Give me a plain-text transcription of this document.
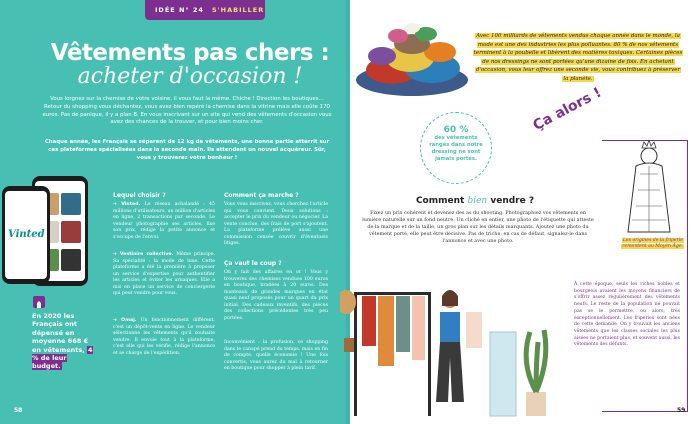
IDÉE N° 24	S'HABILLER
Vêtements pas chers :
acheter d'occasion !
Vous lorgnez sur la chemise de votre voisine, il vous faut la même. Chiche ! Direction les boutiques… Retour du shopping vous déchantez, vous avez bien repéré la chemise dans la vitrine mais elle coûte 170 euros. Pas de panique, il y a plan B. En vous inscrivant sur un site qui vend des vêtements d'occasion vous avez des chances de la trouver, et pour bien moins cher.
Chaque année, les Français se séparent de 12 kg de vêtements, une bonne partie atterrit sur ces plateformes spécialisées dans la seconde main. Ils attendent un nouvel acquéreur. Sûr, vous y trouverez votre bonheur !
Vinted
En 2020 les Français ont dépensé en moyenne 668 € en vêtements, 4 % de leur budget.
Lequel choisir ?
➜ Vinted. Le réseau achalandé : 45 millions d'utilisateurs, un million d'articles en ligne, 2 transactions par seconde. Le vendeur photographie ses articles, fixe son prix, rédige la petite annonce et s'occupe de l'envoi.
➜ Vestiaire collective. Même principe. Sa spécialité : la mode de luxe. Cette plateforme a été la première à proposer un service d'expertise pour authentifier les articles et éviter les arnaques. Elle a mis en place un service de conciergerie qui peut vendre pour vous.
➜ Omaj. Un fonctionnement différent, c'est un dépôt-vente en ligne. Le vendeur sélectionne les vêtements qu'il souhaite vendre. Il envoie tout à la plateforme, c'est elle qui les vérifie, rédige l'annonce et se charge de l'expédition.
Comment ça marche ?
Vous vous inscrivez, vous cherchez l'article qui vous convient. Deux solutions : accepter le prix du vendeur ou négocier. La vente conclue, des frais de port s'ajoutent. La plateforme prélève aussi une commission censée couvrir d'éventuels litiges.
Ça vaut le coup ?
On y fait des affaires en or ! Vous y trouverez des chemises vendues 100 euros en boutique, bradées à 20 euros. Des manteaux de grandes marques en état quasi neuf proposés pour un quart du prix initial. Des cadeaux inventifs, des pièces des collections précédentes très peu portées.
Inconvénient : la profusion, ce shopping dans le canapé prend du temps, mais en fin de compte, quelle économie ! Une fois convertis, vous aurez du mal à retourner en boutique pour shopper à plein tarif.
58
Avec 100 milliards de vêtements vendus chaque année dans le monde, la mode est une des industries les plus polluantes. 80 % de nos vêtements terminent à la poubelle et libèrent des matières toxiques. Certaines pièces de nos dressings ne sont portées qu'une dizaine de fois. En achetant d'occasion, vous leur offrez une seconde vie, vous contribuez à préserver la planète.
60 %
des vêtements rangés dans notre dressing ne sont jamais portés.
Comment bien vendre ?
Fixez un prix cohérent et devenez des as du shooting. Photographiez vos vêtements en lumière naturelle sur un fond neutre. Un cliché en entier, une photo de l'étiquette qui atteste de la marque et de la taille, un gros plan sur les détails marquants. Ajoutez une photo du vêtement porté, elle peut être décisive. Pas de triche, en cas de défaut, signalez-le dans l'annonce et avec une photo.
Ça alors !
Les origines de la friperie remontent au Moyen-Âge.
À cette époque, seuls les riches nobles et bourgeois avaient les moyens financiers de s'offrir assez régulièrement des vêtements neufs. Le reste de la population ne pouvait pas se le permettre, ou alors, très exceptionnellement. Les friperies sont nées de cette demande. On y trouvait les anciens vêtements que les classes sociales les plus aisées ne portaient plus, et souvent aussi, les vêtements des défunts.
59
